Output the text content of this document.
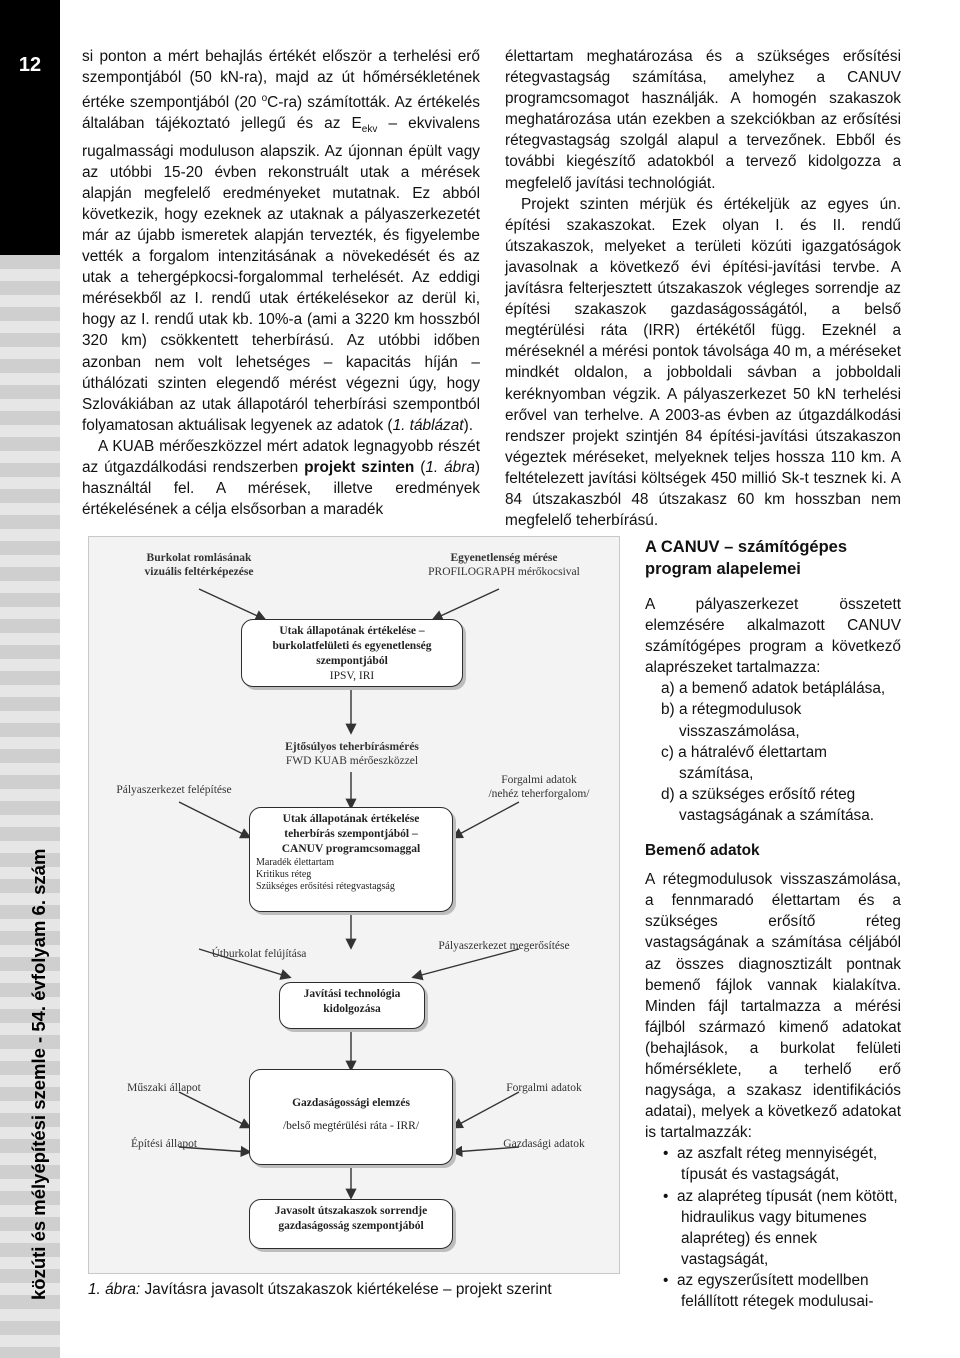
12
közúti és mélyépítési szemle - 54. évfolyam 6. szám

si ponton a mért behajlás értékét először a terhelési erő szempontjából (50 kN-ra), majd az út hőmérsékletének értéke szempontjából (20 $^o$C-ra) számították. Az értékelés általában tájékoztató jellegű és az $E_{ekv}$ – ekvivalens rugalmassági moduluson alapszik. Az újonnan épült vagy az utóbbi 15-20 évben rekonstruált utak a mérések alapján megfelelő eredményeket mutatnak. Ez abból következik, hogy ezeknek az utaknak a pályaszerkezetét már az újabb ismeretek alapján tervezték, és figyelembe vették a forgalom intenzitásának a növekedését és az utak a tehergépkocsi-forgalommal terhelését. Az eddigi mérésekből az I. rendű utak értékelésekor az derül ki, hogy az I. rendű utak kb. 10%-a (ami a 3220 km hosszból 320 km) csökkentett teherbírású. Az utóbbi időben azonban nem volt lehetséges – kapacitás híján – úthálózati szinten elegendő mérést végezni úgy, hogy Szlovákiában az utak állapotáról teherbírási szempontból folyamatosan aktuálisak legyenek az adatok (1. táblázat).

A KUAB mérőeszközzel mért adatok legnagyobb részét az útgazdálkodási rendszerben projekt szinten (1. ábra) használtál fel. A mérések, illetve eredmények értékelésének a célja elsősorban a maradék

élettartam meghatározása és a szükséges erősítési rétegvastagság számítása, amelyhez a CANUV programcsomagot használják. A homogén szakaszok meghatározása után ezekben a szekciókban az erősítési rétegvastagság szolgál alapul a tervezőnek. Ebből és további kiegészítő adatokból a tervező kidolgozza a megfelelő javítási technológiát.

Projekt szinten mérjük és értékeljük az egyes ún. építési szakaszokat. Ezek olyan I. és II. rendű útszakaszok, melyeket a területi közúti igazgatóságok javasolnak a következő évi építési-javítási tervbe. A javításra felterjesztett útszakaszok végleges sorrendje az építési szakaszok gazdaságosságától, a belső megtérülési ráta (IRR) értékétől függ. Ezeknél a méréseknél a mérési pontok távolsága 40 m, a méréseket mindkét oldalon, a jobboldali sávban a jobboldali keréknyomban végzik. A pályaszerkezet 50 kN terhelési erővel van terhelve. A 2003-as évben az útgazdálkodási rendszer projekt szintjén 84 építési-javítási útszakaszon végeztek méréseket, melyeknek teljes hossza 110 km. A feltételezett javítási költségek 450 millió Sk-t tesznek ki. A 84 útszakaszból 48 útszakasz 60 km hosszban nem megfelelő teherbírású.

Burkolat romlásának
vizuális feltérképezése
Egyenetlenség mérése
PROFILOGRAPH mérőkocsival
Utak állapotának értékelése –
burkolatfelületi és egyenetlenség
szempontjából
IPSV, IRI
Ejtősúlyos teherbírásmérés
FWD KUAB mérőeszközzel
Pályaszerkezet felépítése
Forgalmi adatok
/nehéz teherforgalom/
Utak állapotának értékelése
teherbírás szempontjából –
CANUV programcsomaggal
Maradék élettartam
Kritikus réteg
Szükséges erősítési rétegvastagság
Útburkolat felújítása
Pályaszerkezet megerősítése
Javítási technológia
kidolgozása
Műszaki állapot	Forgalmi adatok
Gazdaságossági elemzés
/belső megtérülési ráta - IRR/
Építési állapot	Gazdasági adatok
Javasolt útszakaszok sorrendje
gazdaságosság szempontjából
1. ábra: Javításra javasolt útszakaszok kiértékelése – projekt szerint
A CANUV – számítógépes program alapelemei

A pályaszerkezet összetett elemzésére alkalmazott CANUV számítógépes program a következő alaprészeket tartalmazza:

a) a bemenő adatok betáplálása,
b) a rétegmodulusok visszaszámolása,
c) a hátralévő élettartam számítása,
d) a szükséges erősítő réteg vastagságának a számítása.
Bemenő adatok

A rétegmodulusok visszaszámolása, a fennmaradó élettartam és a szükséges erősítő réteg vastagságának a számítása céljából az összes diagnosztizált pontnak bemenő fájlok vannak kialakítva. Minden fájl tartalmazza a mérési fájlból származó kimenő adatokat (behajlások, a burkolat felületi hőmérséklete, a terhelő erő nagysága, a szakasz identifikációs adatai), melyek a következő adatokat is tartalmazzák:

•  az aszfalt réteg mennyiségét, típusát és vastagságát,
•  az alapréteg típusát (nem kötött, hidraulikus vagy bitumenes alapréteg) és ennek vastagságát,
•  az egyszerűsített modellben felállított rétegek modulusai-
